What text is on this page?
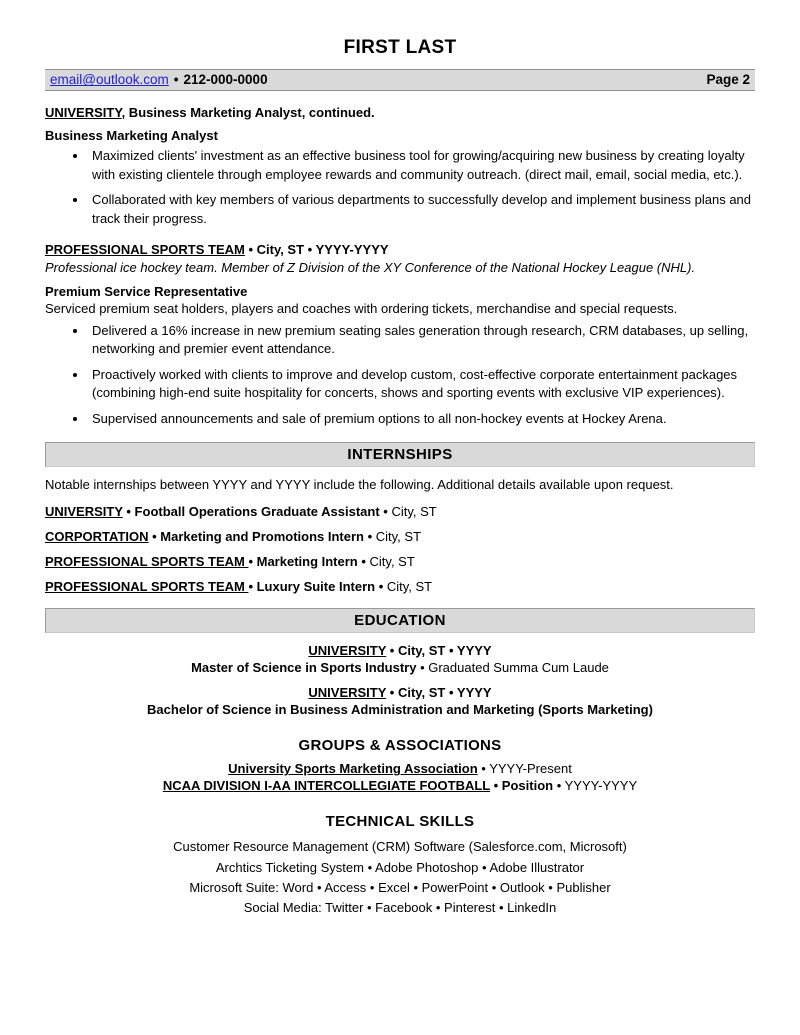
FIRST LAST
email@outlook.com • 212-000-0000	Page 2
UNIVERSITY, Business Marketing Analyst, continued.
Business Marketing Analyst
Maximized clients' investment as an effective business tool for growing/acquiring new business by creating loyalty with existing clientele through employee rewards and community outreach. (direct mail, email, social media, etc.).
Collaborated with key members of various departments to successfully develop and implement business plans and track their progress.
PROFESSIONAL SPORTS TEAM • City, ST • YYYY-YYYY
Professional ice hockey team. Member of Z Division of the XY Conference of the National Hockey League (NHL).
Premium Service Representative
Serviced premium seat holders, players and coaches with ordering tickets, merchandise and special requests.
Delivered a 16% increase in new premium seating sales generation through research, CRM databases, up selling, networking and premier event attendance.
Proactively worked with clients to improve and develop custom, cost-effective corporate entertainment packages (combining high-end suite hospitality for concerts, shows and sporting events with exclusive VIP experiences).
Supervised announcements and sale of premium options to all non-hockey events at Hockey Arena.
INTERNSHIPS
Notable internships between YYYY and YYYY include the following. Additional details available upon request.
UNIVERSITY • Football Operations Graduate Assistant • City, ST
CORPORTATION • Marketing and Promotions Intern • City, ST
PROFESSIONAL SPORTS TEAM • Marketing Intern • City, ST
PROFESSIONAL SPORTS TEAM • Luxury Suite Intern • City, ST
EDUCATION
UNIVERSITY • City, ST • YYYY
Master of Science in Sports Industry • Graduated Summa Cum Laude
UNIVERSITY • City, ST • YYYY
Bachelor of Science in Business Administration and Marketing (Sports Marketing)
GROUPS & ASSOCIATIONS
University Sports Marketing Association • YYYY-Present
NCAA DIVISION I-AA INTERCOLLEGIATE FOOTBALL • Position • YYYY-YYYY
TECHNICAL SKILLS
Customer Resource Management (CRM) Software (Salesforce.com, Microsoft)
Archtics Ticketing System • Adobe Photoshop • Adobe Illustrator
Microsoft Suite: Word • Access • Excel • PowerPoint • Outlook • Publisher
Social Media: Twitter • Facebook • Pinterest • LinkedIn
